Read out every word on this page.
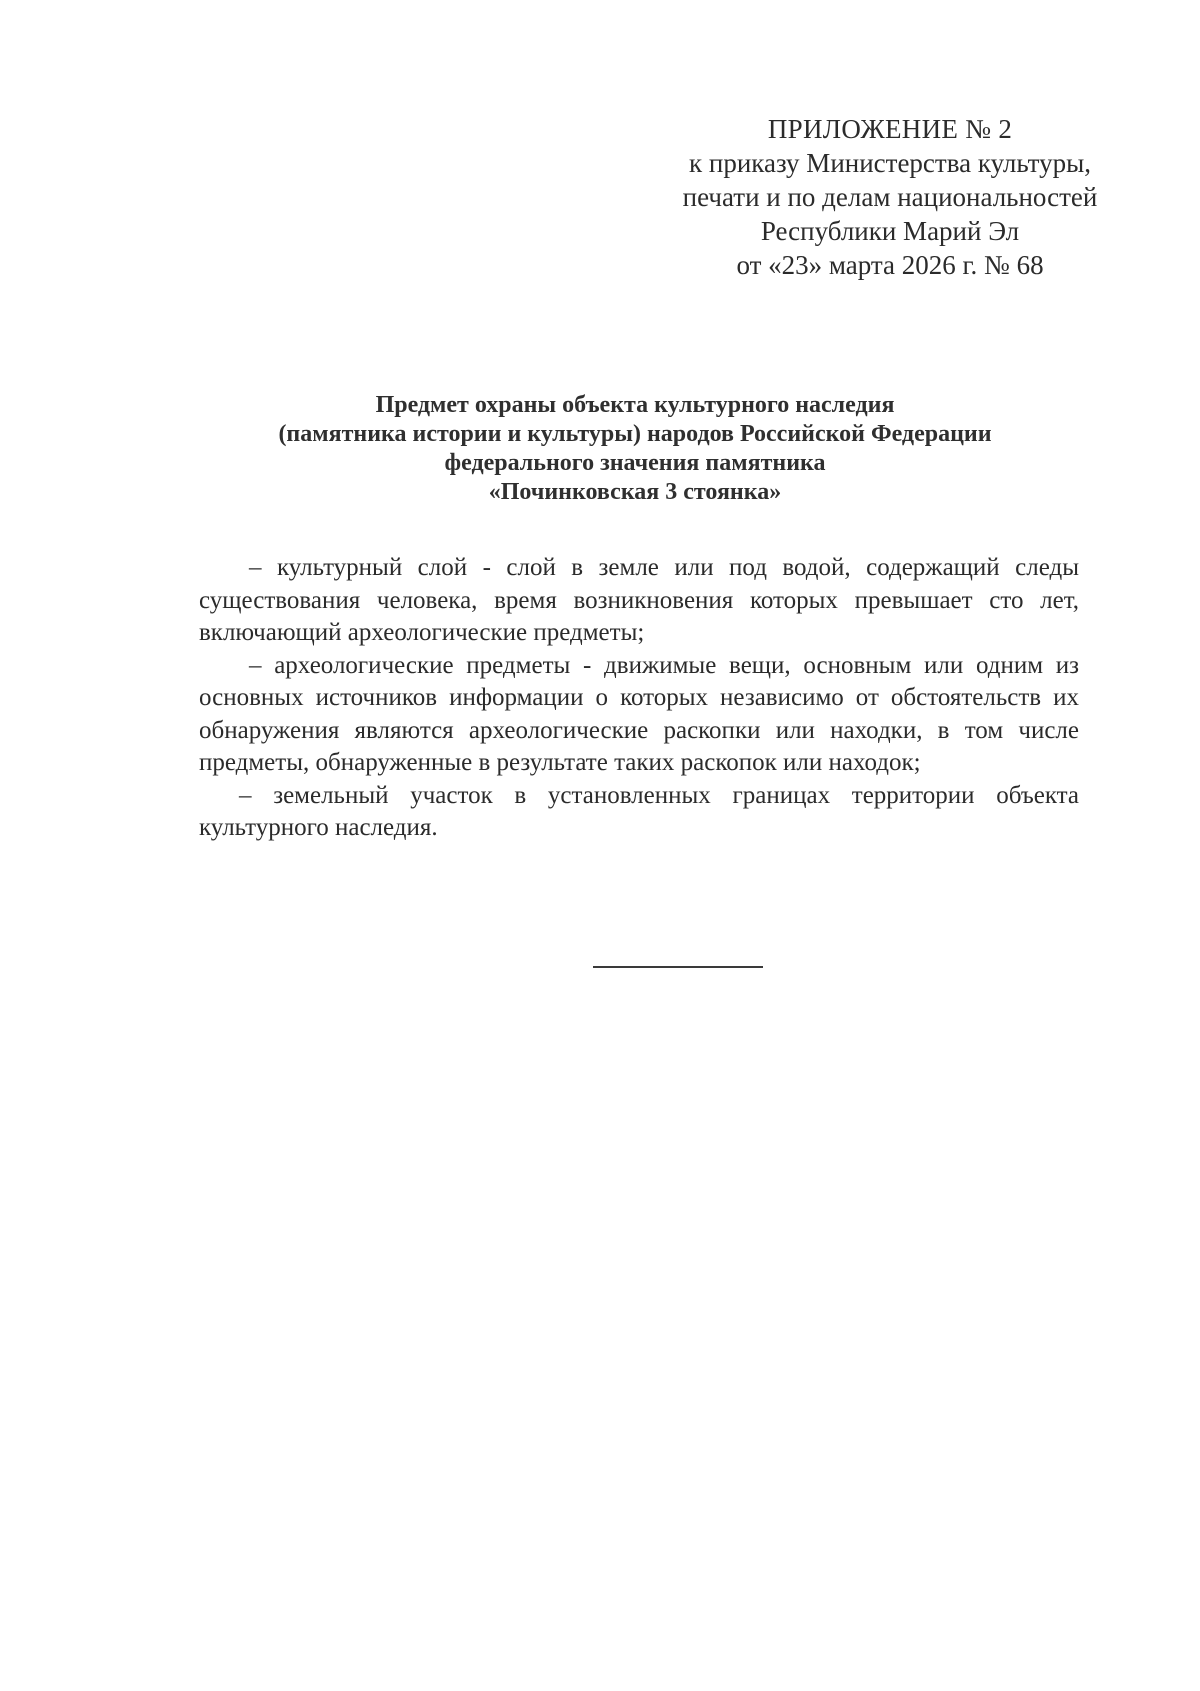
ПРИЛОЖЕНИЕ № 2
к приказу Министерства культуры,
печати и по делам национальностей
Республики Марий Эл
от «23» марта 2026 г. № 68
Предмет охраны объекта культурного наследия
(памятника истории и культуры) народов Российской Федерации
федерального значения памятника
«Починковская 3 стоянка»

– культурный слой - слой в земле или под водой, содержащий следы существования человека, время возникновения которых превышает сто лет, включающий археологические предметы;

– археологические предметы - движимые вещи, основным или одним из основных источников информации о которых независимо от обстоятельств их обнаружения являются археологические раскопки или находки, в том числе предметы, обнаруженные в результате таких раскопок или находок;

– земельный участок в установленных границах территории объекта культурного наследия.
